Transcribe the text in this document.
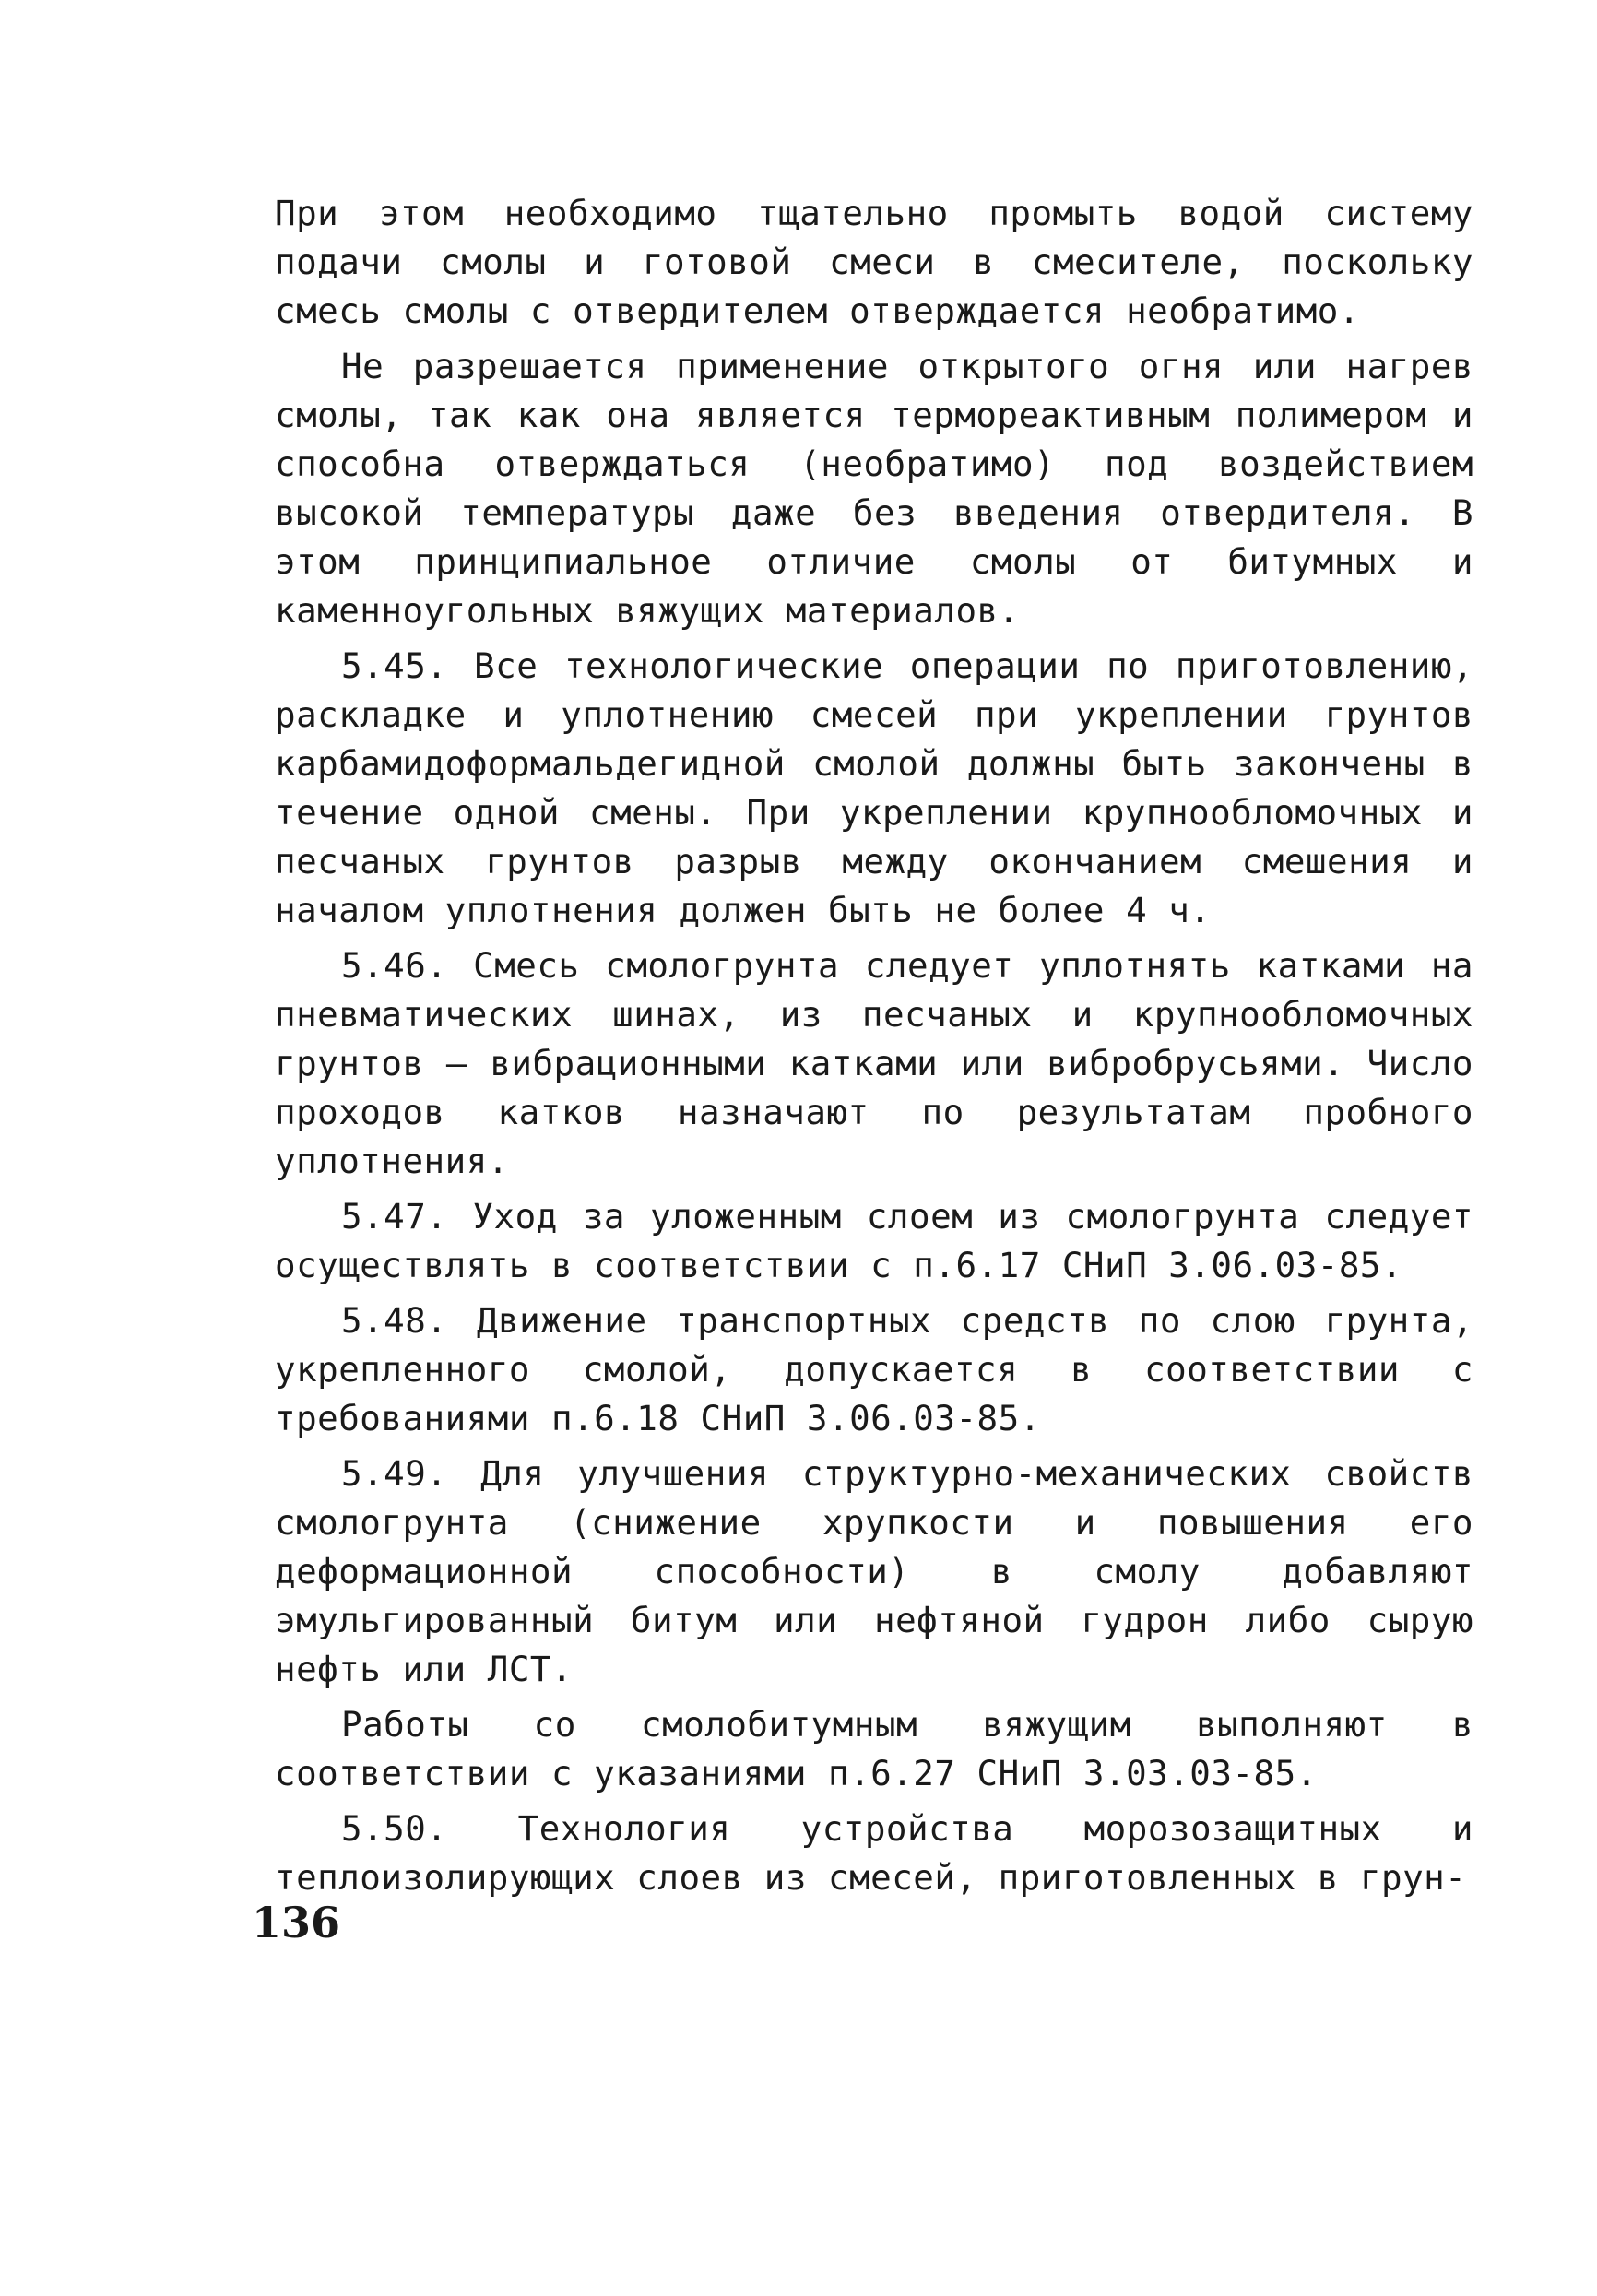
При этом необходимо тщательно промыть водой систему подачи смолы и готовой смеси в смесителе, поскольку смесь смолы с отвердителем отверждается необратимо.

Не разрешается применение открытого огня или нагрев смолы, так как она является термореактивным полимером и способна отверждаться (необратимо) под воздействием высокой температуры даже без введения отвердителя. В этом принципиальное отличие смолы от битумных и каменноугольных вяжущих материалов.

5.45. Все технологические операции по приготовлению, раскладке и уплотнению смесей при укреплении грунтов карбамидоформальдегидной смолой должны быть закончены в течение одной смены. При укреплении крупнообломочных и песчаных грунтов разрыв между окончанием смешения и началом уплотнения должен быть не более 4 ч.

5.46. Смесь смологрунта следует уплотнять катками на пневматических шинах, из песчаных и крупнообломочных грунтов – вибрационными катками или вибробрусьями. Число проходов катков назначают по результатам пробного уплотнения.

5.47. Уход за уложенным слоем из смологрунта следует осуществлять в соответствии с п.6.17 СНиП 3.06.03-85.

5.48. Движение транспортных средств по слою грунта, укрепленного смолой, допускается в соответствии с требованиями п.6.18 СНиП 3.06.03-85.

5.49. Для улучшения структурно-механических свойств смологрунта (снижение хрупкости и повышения его деформационной способности) в смолу добавляют эмульгированный битум или нефтяной гудрон либо сырую нефть или ЛСТ.

Работы со смолобитумным вяжущим выполняют в соответствии с указаниями п.6.27 СНиП 3.03.03-85.

5.50. Технология устройства морозозащитных и теплоизолирующих слоев из смесей, приготовленных в грун-

136
